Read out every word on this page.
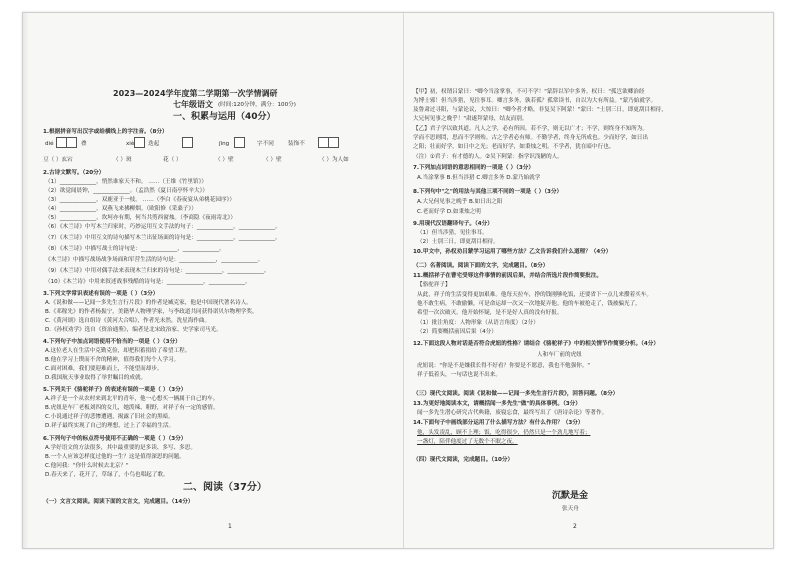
2023—2024学年度第二学期第一次学情调研
七年级语文 (时间:120分钟，满分：100分)
一、积累与运用（40分）
1.根据拼音写出汉字或给横线上的字注音。（8分）
dié	叠	xiè 迭起	jīng	字不同	装饰不
豆（ ）玄宕	（ ）斑	花（ ）	（ ）壁	（ ）壁	（ ）为人如
2.古诗文默写。（20分）
（1）_____________，悄然谁家天不和。 ……（王维《竹里馆》）
（2）欲觉闻晨钟，_____________。（孟浩然《夏日南亭怀辛大》）
（3）_____________，双鹿亚于一枝。 ……（李白《春夜宴从弟桃花园序》）
（4）_____________，双燕飞来拂柳烟。（欧阳修《采桑子》）
（5）_____________，坎坷亦有期，何当共剪西窗烛。（李商隐《夜雨寄北》）
（6）《木兰诗》中写木兰归家时，巧妙运用互文手法的句子：_____________，_____________。
（7）《木兰诗》中用互文的诗句描写木兰出征场面的诗句是：_____________，_____________。
（8）《木兰诗》中描写战士的诗句是：_____________，_____________。
《木兰诗》中描写战场战争场面和军营生活的诗句是：_____________，_____________。
（9）《木兰诗》中用对偶手法来表现木兰归来的诗句是：_____________，_____________。
（10）《木兰诗》中用来叙述战事残酷的诗句是：_____________，_____________。
3.下列文学常识表述有误的一项是（ ）（3分）
A.《说和做——记闻一多先生言行片段》的作者是臧克家，他是中国现代著名诗人。
B.《邓稼先》的作者杨振宁，美籍华人物理学家，与李政道共同获得诺贝尔物理学奖。
C.《黄河颂》选自组诗《黄河大合唱》，作者光未然，冼星海作曲。
D.《孙权劝学》选自《资治通鉴》，编者是北宋政治家、史学家司马光。
4.下列句子中加点词语使用不恰当的一项是（ ）（3分）
A.这位老人在生活中克勤克俭，却把积蓄捐给了希望工程。
B.他在学习上锲而不舍的精神，值得我们每个人学习。
C.面对困难，我们要迎难而上，不能望而却步。
D.我国航天事业取得了举世瞩目的成就。
5.下列关于《骆驼祥子》的表述有误的一项是（ ）（3分）
A.祥子是一个从农村来到北平的青年，他一心想买一辆属于自己的车。
B.虎妞是车厂老板刘四的女儿，她泼辣、粗野，对祥子有一定的感情。
C.小说通过祥子的悲惨遭遇，揭露了旧社会的黑暗。
D.祥子最终实现了自己的理想，过上了幸福的生活。
6.下列句子中的标点符号使用不正确的一项是（ ）（3分）
A.学好语文的方法很多，其中最重要的是多读、多写、多思。
B.一个人应该怎样度过他的一生？这是值得深思的问题。
C.他问我："你什么时候去北京？"
D.春天来了，花开了，草绿了，小鸟也唱起了歌。
二、阅读（37分）
（一）文言文阅读。阅读下面的文言文，完成题目。（14分）
1
【甲】初，权谓吕蒙曰："卿今当涂掌事，不可不学！"蒙辞以军中多务。权曰："孤岂欲卿治经
为博士邪！但当涉猎，见往事耳。卿言多务，孰若孤？孤常读书，自以为大有所益。"蒙乃始就学。
及鲁肃过寻阳，与蒙论议，大惊曰："卿今者才略，非复吴下阿蒙！"蒙曰："士别三日，即更刮目相待，
大兄何见事之晚乎！"肃遂拜蒙母，结友而别。
【乙】君子学以致其道。凡人之学，必有所因。若不学，则无以广才；不学，则终身不知所为。
学而不思则罔，思而不学则殆。古之学者必有师。不勤学者，终身无所成也。少而好学，如日出
之阳；壮而好学，如日中之光；老而好学，如秉烛之明。不学者，犹在暗中行也。
（注）①君子：有才德的人。②吴下阿蒙：指学识浅陋的人。
7.下列加点词语的意思相同的一项是（ ）（3分）
A.当涂掌事 B.但当涉猎 C.卿言多务 D.蒙乃始就学
8.下列句中"之"的用法与其他三项不同的一项是（ ）（3分）
A.大兄何见事之晚乎 B.如日出之阳
C.老而好学 D.如秉烛之明
9.用现代汉语翻译句子。（4分）
（1）但当涉猎，见往事耳。
（2）士别三日，即更刮目相待。
10.甲文中，孙权劝吕蒙学习运用了哪些方法？乙文告诉我们什么道理？（4分）
（二）名著阅读。阅读下面的文字，完成题目。（8分）
11.概括祥子在曹宅受辱这件事情的前因后果，并结合所选片段作简要批注。
【骆驼祥子】
从此，祥子的生活变得更加艰难。他每天拉车，挣的钱刚够吃饭，还要省下一点儿来攒着买车。
他不敢生病，不敢偷懒，可是命运却一次又一次地捉弄他。他的车被抢走了，钱被骗光了，
希望一次次破灭。他开始怀疑，是不是好人真的没有好报。
（1）批注角度：人物形象（从语言角度）（2分）
（2）简要概括前因后果（4分）
12.下面这段人物对话是否符合虎妞的性格？请结合《骆驼祥子》中的相关情节作简要分析。（4分）
人和车厂前的虎妞
虎妞说："你是不是嫌我长得不好看？你要是不愿意，我也不勉强你。"
祥子低着头，一句话也说不出来。
（三）现代文阅读。阅读《说和做——记闻一多先生言行片段》，回答问题。（8分）
13.为更好地阅读本文，请概括闻一多先生"做"的具体事例。（3分）
闻一多先生潜心研究古代典籍，废寝忘食，最终写出了《唐诗杂论》等著作。
14.下面句子中画线部分运用了什么描写方法？有什么作用？（3分）
他，头发凌乱，顾不上理；饭，吃得很少，仍然只是一个劲儿地写着；
一盏灯，陪伴他度过了无数个不眠之夜。
（四）现代文阅读，完成题目。（10分）
沉默是金
张天舟
2
